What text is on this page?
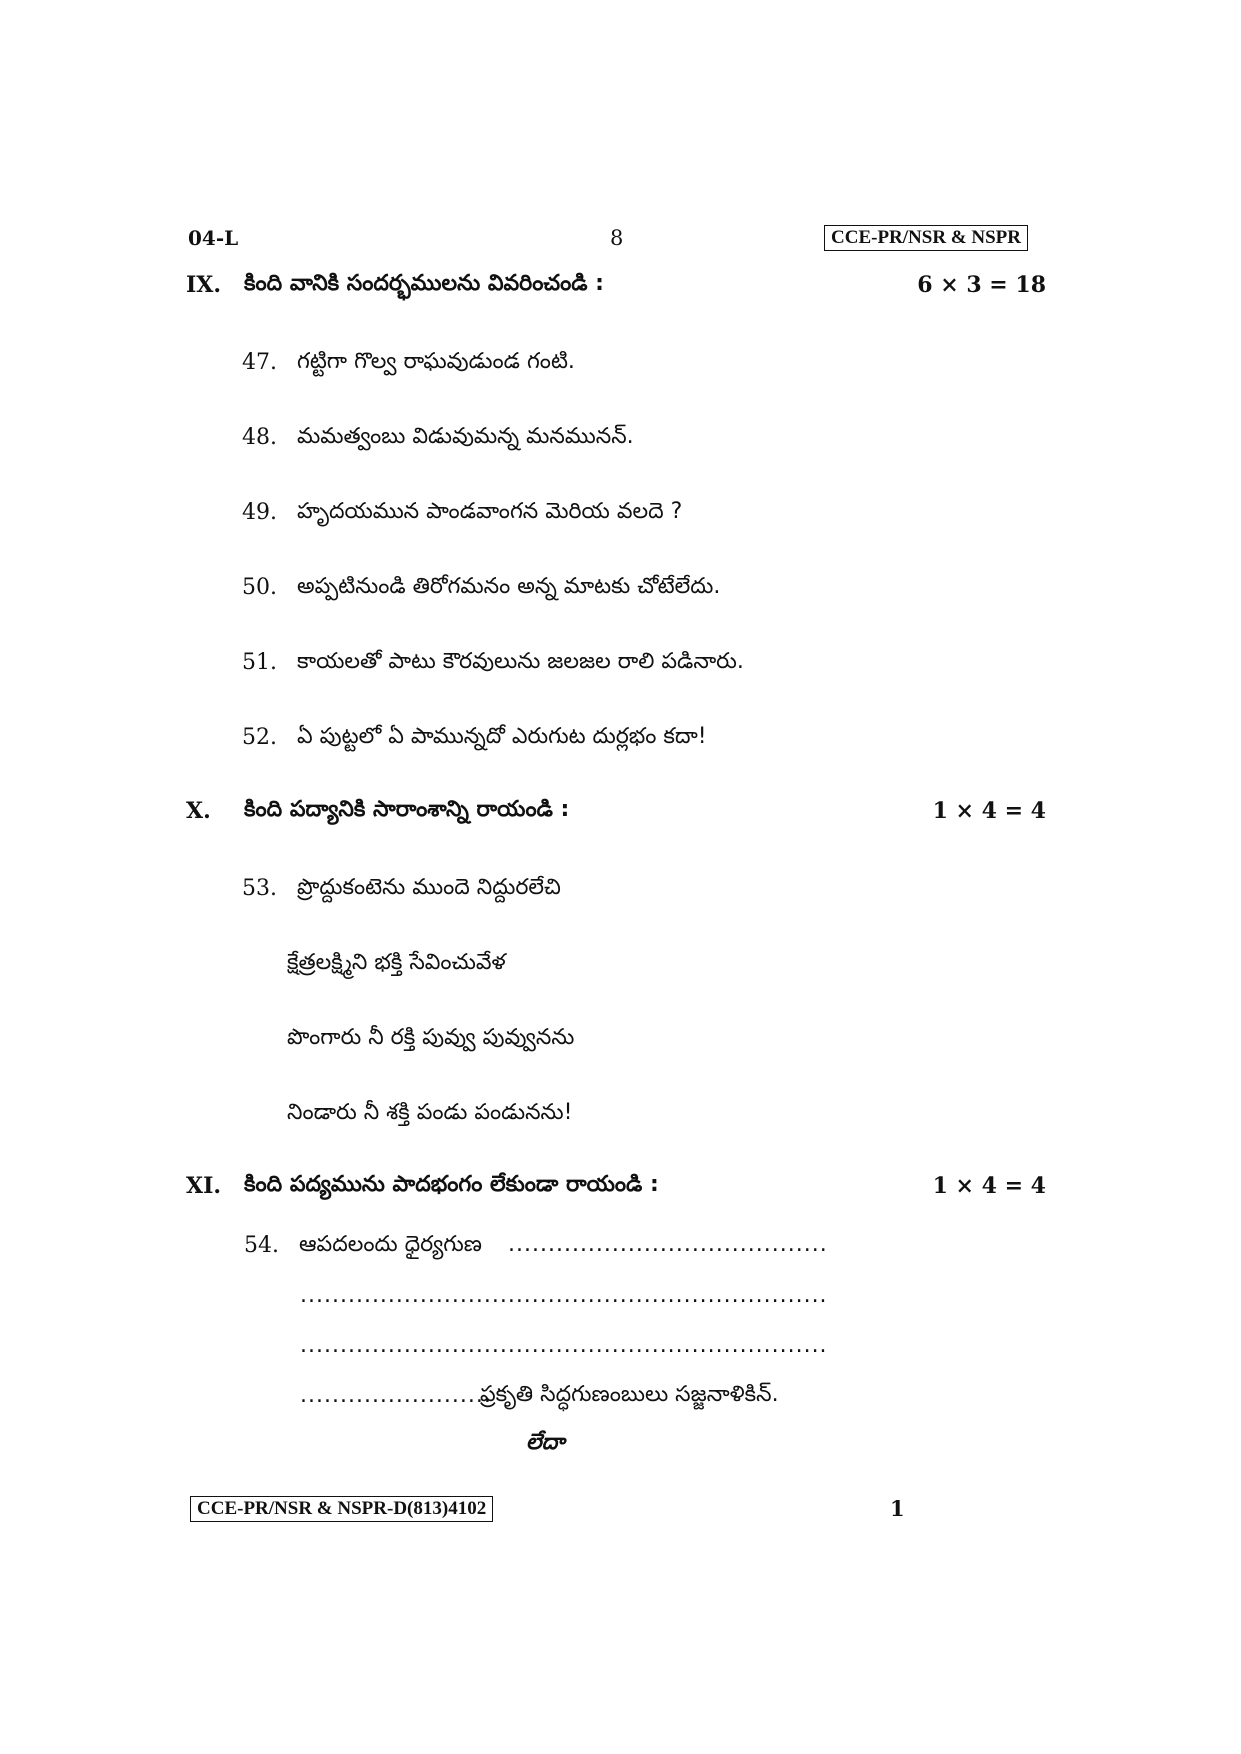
04-L	8	CCE-PR/NSR & NSPR
IX. కింది వానికి సందర్భములను వివరించండి :	6 × 3 = 18
47. గట్టిగా గొల్వ రాఘవుడుండ గంటి.
48. మమత్వంబు విడువుమన్న మనమునన్.
49. హృదయమున పాండవాంగన మెరియ వలదె ?
50. అప్పటినుండి తిరోగమనం అన్న మాటకు చోటేలేదు.
51. కాయలతో పాటు కౌరవులును జలజల రాలి పడినారు.
52. ఏ పుట్టలో ఏ పామున్నదో ఎరుగుట దుర్లభం కదా!
X. కింది పద్యానికి సారాంశాన్ని రాయండి :	1 × 4 = 4
53. ప్రొద్దుకంటెను ముందె నిద్దురలేచి
క్షేత్రలక్ష్మిని భక్తి సేవించువేళ
పొంగారు నీ రక్తి పువ్వు పువ్వునను
నిండారు నీ శక్తి పండు పండునను!
XI. కింది పద్యమును పాదభంగం లేకుండా రాయండి :	1 × 4 = 4
54. ఆపదలందు ధైర్యగుణ ........................................
..................................................................
..................................................................
........................
ప్రకృతి సిద్ధగుణంబులు సజ్జనాళికిన్.
లేదా
CCE-PR/NSR & NSPR-D(813)4102	1
